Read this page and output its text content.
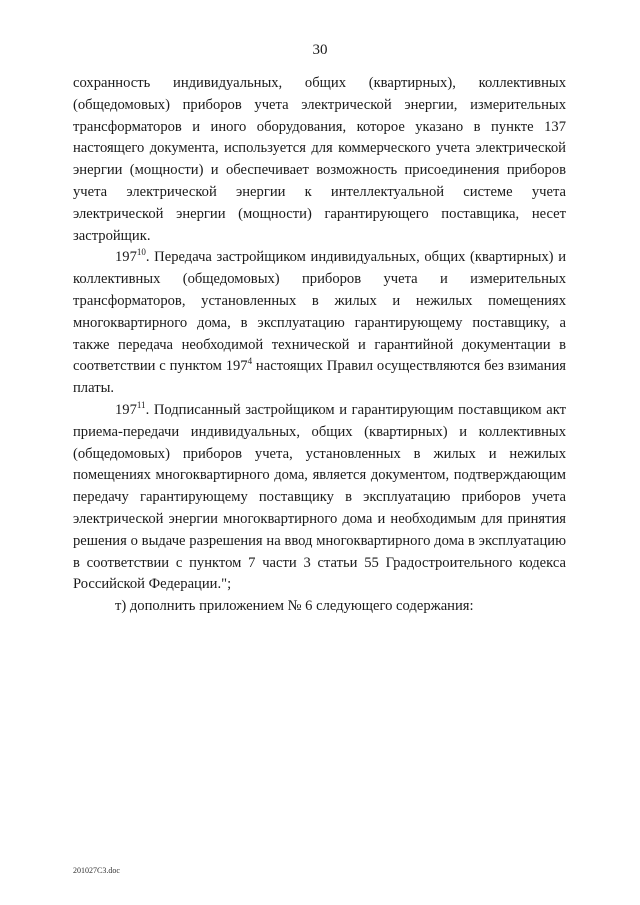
30

сохранность индивидуальных, общих (квартирных), коллективных (общедомовых) приборов учета электрической энергии, измерительных трансформаторов и иного оборудования, которое указано в пункте 137 настоящего документа, используется для коммерческого учета электрической энергии (мощности) и обеспечивает возможность присоединения приборов учета электрической энергии к интеллектуальной системе учета электрической энергии (мощности) гарантирующего поставщика, несет застройщик.

$197^{10}$. Передача застройщиком индивидуальных, общих (квартирных) и коллективных (общедомовых) приборов учета и измерительных трансформаторов, установленных в жилых и нежилых помещениях многоквартирного дома, в эксплуатацию гарантирующему поставщику, а также передача необходимой технической и гарантийной документации в соответствии с пунктом $197^4$ настоящих Правил осуществляются без взимания платы.

$197^{11}$. Подписанный застройщиком и гарантирующим поставщиком акт приема-передачи индивидуальных, общих (квартирных) и коллективных (общедомовых) приборов учета, установленных в жилых и нежилых помещениях многоквартирного дома, является документом, подтверждающим передачу гарантирующему поставщику в эксплуатацию приборов учета электрической энергии многоквартирного дома и необходимым для принятия решения о выдаче разрешения на ввод многоквартирного дома в эксплуатацию в соответствии с пунктом 7 части 3 статьи 55 Градостроительного кодекса Российской Федерации.";

т) дополнить приложением № 6 следующего содержания:

201027C3.doc
